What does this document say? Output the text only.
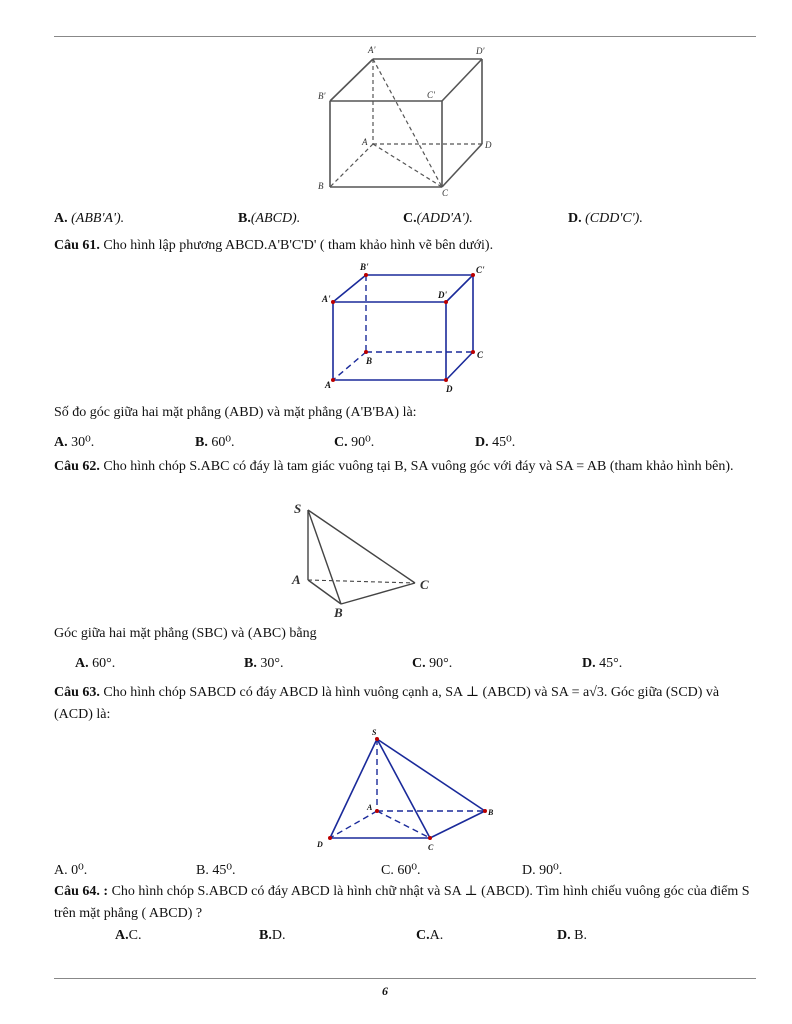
A'	D'
B'	C'
A	D
B
C
A. (ABB'A').	B.(ABCD).	C.(ADD'A').	D. (CDD'C').
Câu 61. Cho hình lập phương ABCD.A'B'C'D' ( tham khảo hình vẽ bên dưới).
B'	C'
A'	D'
B
C
A	D
Số đo góc giữa hai mặt phẳng (ABD) và mặt phẳng (A'B'BA) là:
A. 30⁰.	B. 60⁰.	C. 90⁰.	D. 45⁰.
Câu 62. Cho hình chóp S.ABC có đáy là tam giác vuông tại B, SA vuông góc với đáy và SA = AB (tham khảo hình bên).
S
A	C
B
Góc giữa hai mặt phẳng (SBC) và (ABC) bằng
A. 60°.	B. 30°.	C. 90°.	D. 45°.
Câu 63. Cho hình chóp SABCD có đáy ABCD là hình vuông cạnh a, SA ⊥ (ABCD) và SA = a√3. Góc giữa (SCD) và (ACD) là:
S
A
B
D	C
A. 0⁰.	B. 45⁰.	C. 60⁰.	D. 90⁰.
Câu 64. : Cho hình chóp S.ABCD có đáy ABCD là hình chữ nhật và SA ⊥ (ABCD). Tìm hình chiếu vuông góc của điểm S trên mặt phẳng ( ABCD) ?
A.C.	B.D.	C.A.	D. B.
6
